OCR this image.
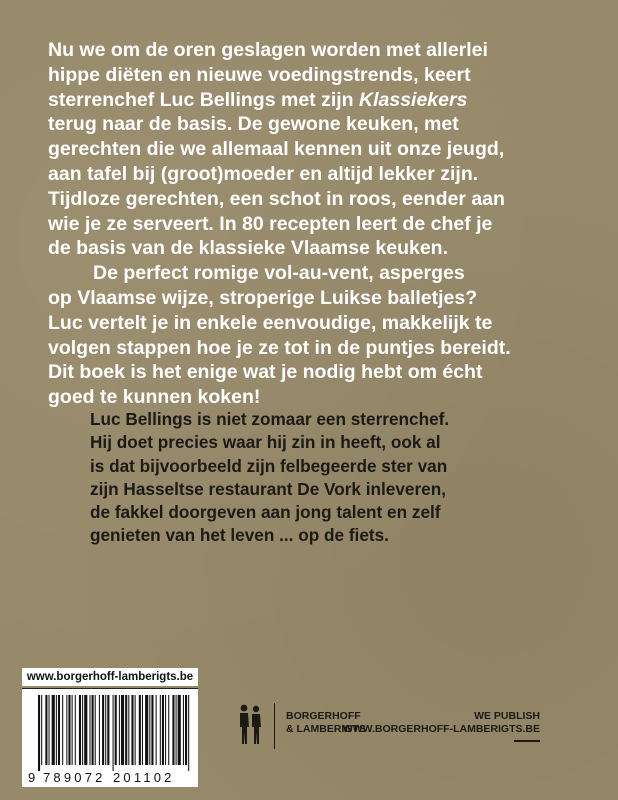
Nu we om de oren geslagen worden met allerlei
hippe diëten en nieuwe voedingstrends, keert
sterrenchef Luc Bellings met zijn Klassiekers
terug naar de basis. De gewone keuken, met
gerechten die we allemaal kennen uit onze jeugd,
aan tafel bij (groot)moeder en altijd lekker zijn.
Tijdloze gerechten, een schot in roos, eender aan
wie je ze serveert. In 80 recepten leert de chef je
de basis van de klassieke Vlaamse keuken.
De perfect romige vol-au-vent, asperges
op Vlaamse wijze, stroperige Luikse balletjes?
Luc vertelt je in enkele eenvoudige, makkelijk te
volgen stappen hoe je ze tot in de puntjes bereidt.
Dit boek is het enige wat je nodig hebt om écht
goed te kunnen koken!

Luc Bellings is niet zomaar een sterrenchef.
Hij doet precies waar hij zin in heeft, ook al
is dat bijvoorbeeld zijn felbegeerde ster van
zijn Hasseltse restaurant De Vork inleveren,
de fakkel doorgeven aan jong talent en zelf
genieten van het leven ... op de fiets.

www.borgerhoff-lamberigts.be
9 789072 201102
BORGERHOFF
& LAMBERIGTS
WE PUBLISH
WWW.BORGERHOFF-LAMBERIGTS.BE
